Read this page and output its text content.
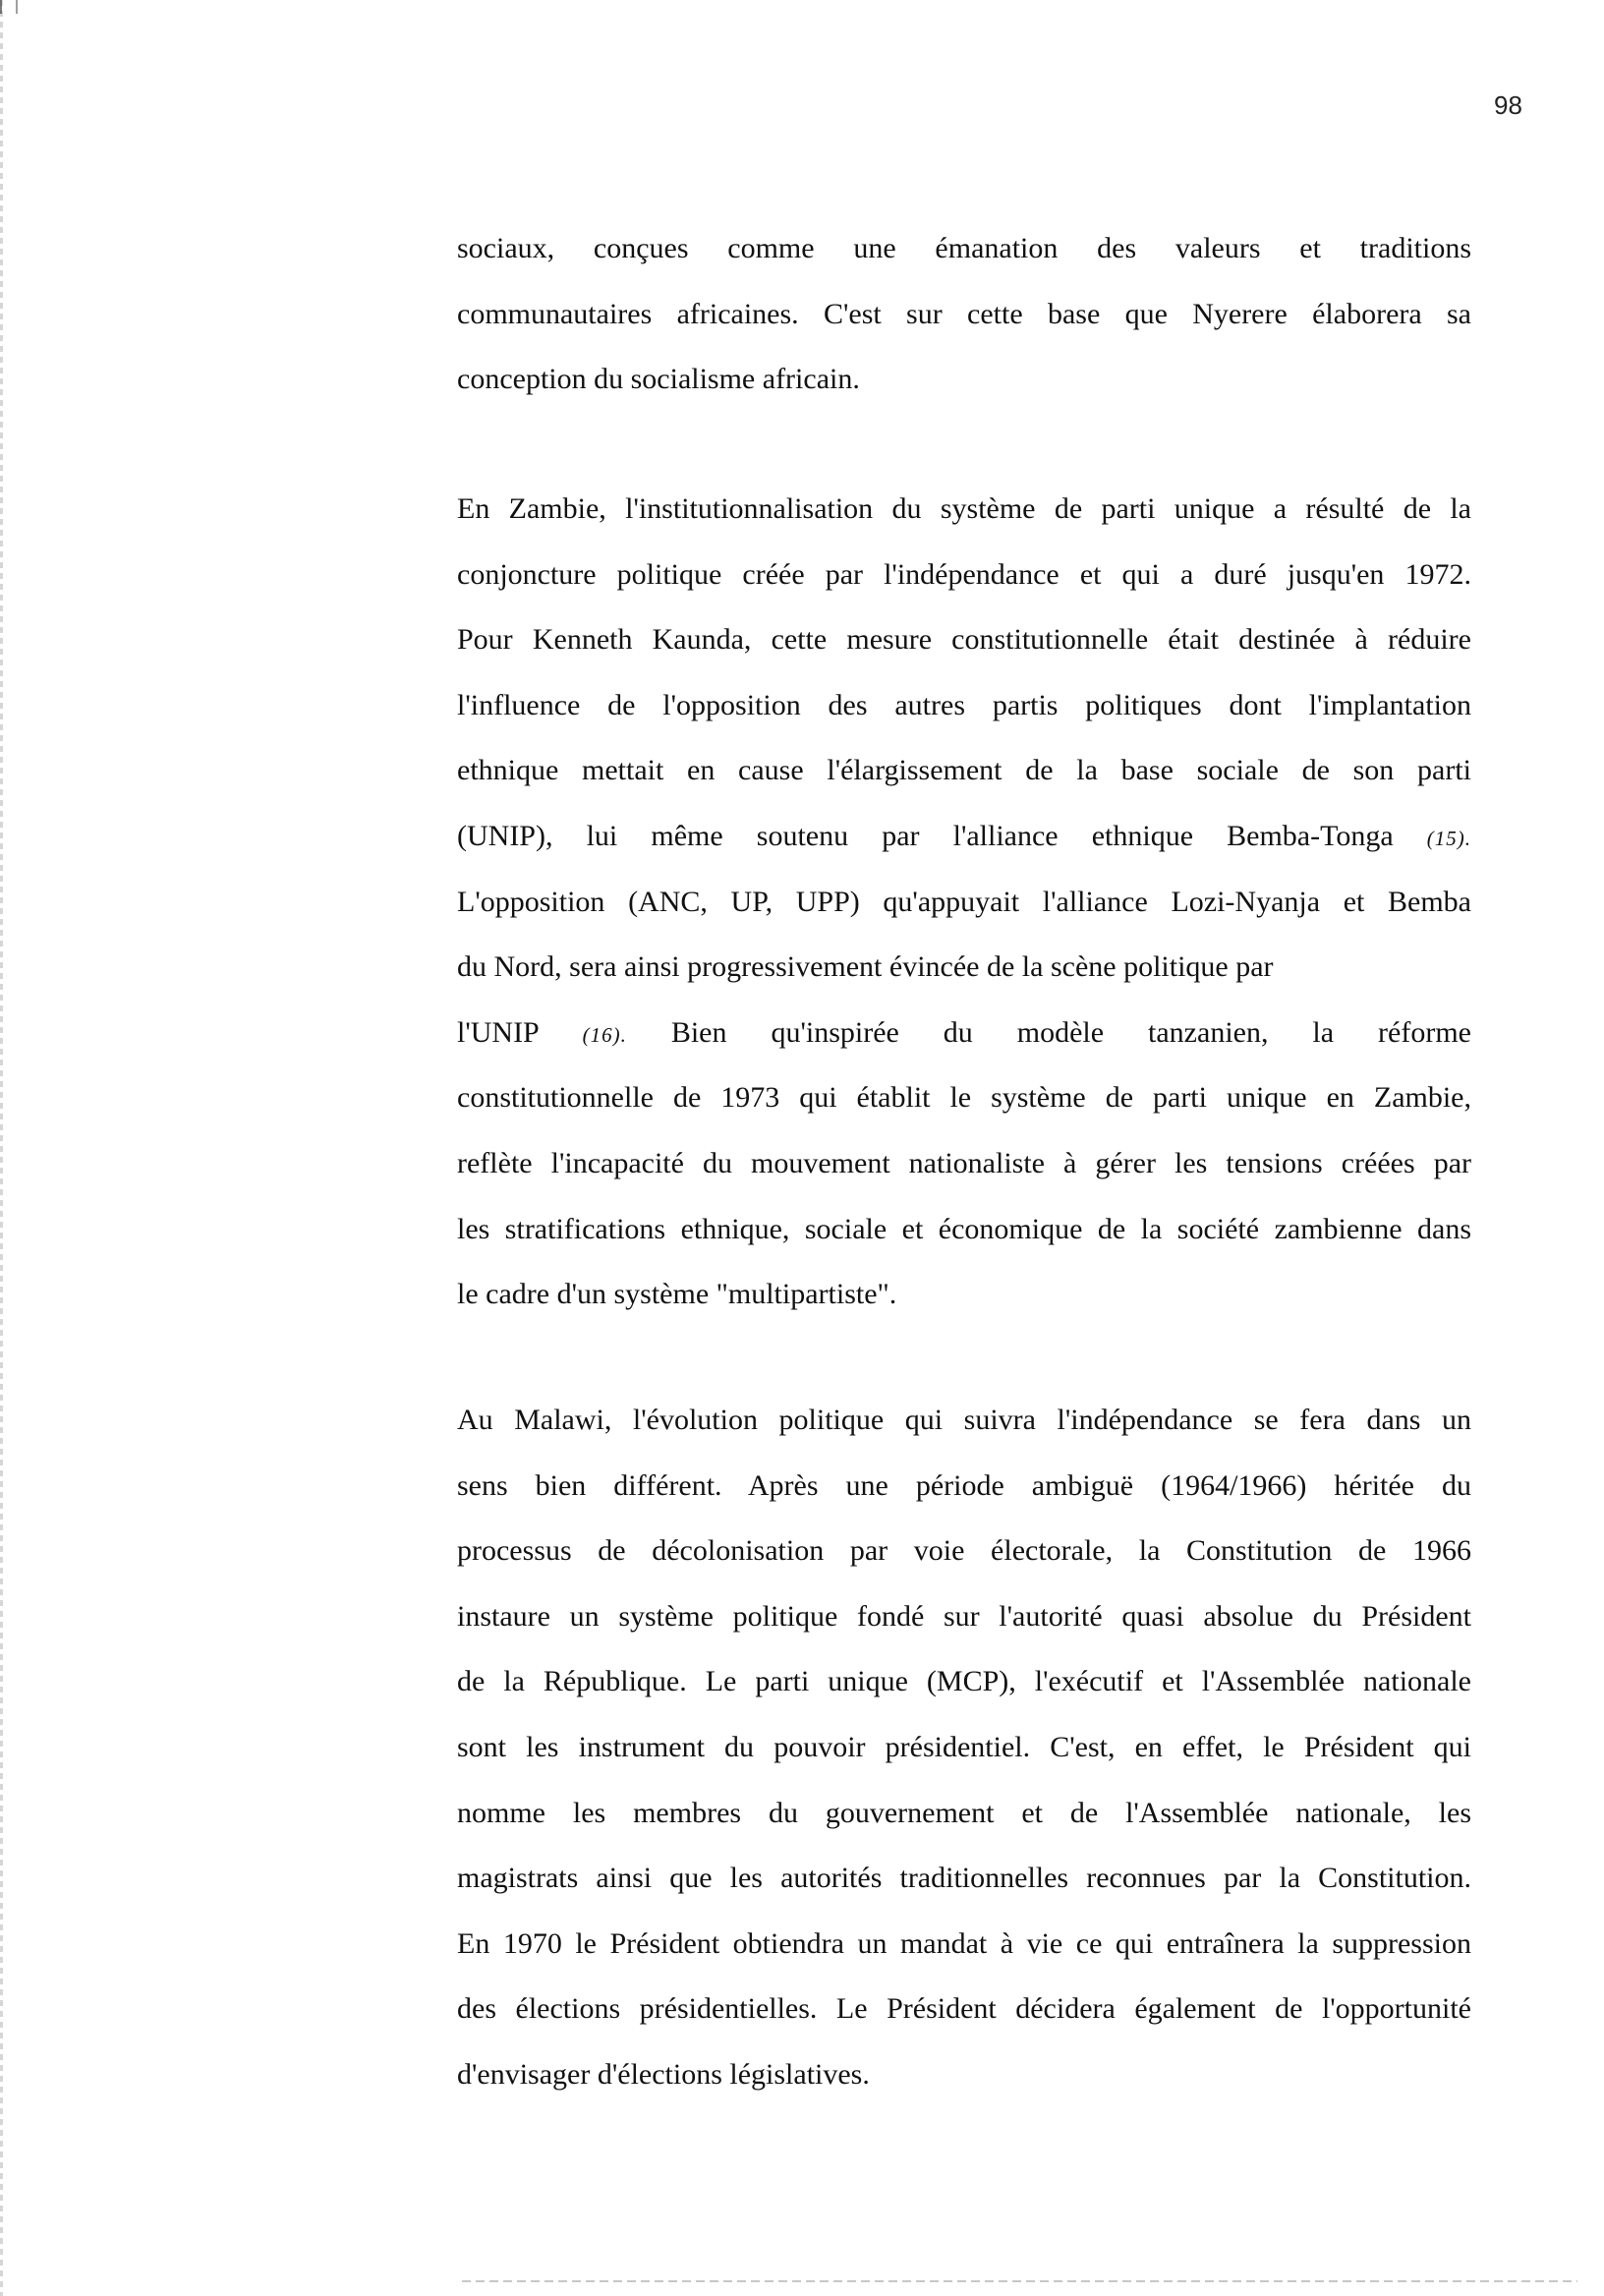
98
sociaux, conçues comme une émanation des valeurs et traditions
communautaires africaines. C'est sur cette base que Nyerere élaborera sa
conception du socialisme africain.
En Zambie, l'institutionnalisation du système de parti unique a résulté de la
conjoncture politique créée par l'indépendance et qui a duré jusqu'en 1972.
Pour Kenneth Kaunda, cette mesure constitutionnelle était destinée à réduire
l'influence de l'opposition des autres partis politiques dont l'implantation
ethnique mettait en cause l'élargissement de la base sociale de son parti
(UNIP), lui même soutenu par l'alliance ethnique Bemba-Tonga (15).
L'opposition (ANC, UP, UPP) qu'appuyait l'alliance Lozi-Nyanja et Bemba
du Nord, sera ainsi progressivement évincée de la scène politique par
l'UNIP (16). Bien qu'inspirée du modèle tanzanien, la réforme
constitutionnelle de 1973 qui établit le système de parti unique en Zambie,
reflète l'incapacité du mouvement nationaliste à gérer les tensions créées par
les stratifications ethnique, sociale et économique de la société zambienne dans
le cadre d'un système "multipartiste".
Au Malawi, l'évolution politique qui suivra l'indépendance se fera dans un
sens bien différent. Après une période ambiguë (1964/1966) héritée du
processus de décolonisation par voie électorale, la Constitution de 1966
instaure un système politique fondé sur l'autorité quasi absolue du Président
de la République. Le parti unique (MCP), l'exécutif et l'Assemblée nationale
sont les instrument du pouvoir présidentiel. C'est, en effet, le Président qui
nomme les membres du gouvernement et de l'Assemblée nationale, les
magistrats ainsi que les autorités traditionnelles reconnues par la Constitution.
En 1970 le Président obtiendra un mandat à vie ce qui entraînera la suppression
des élections présidentielles. Le Président décidera également de l'opportunité
d'envisager d'élections législatives.
